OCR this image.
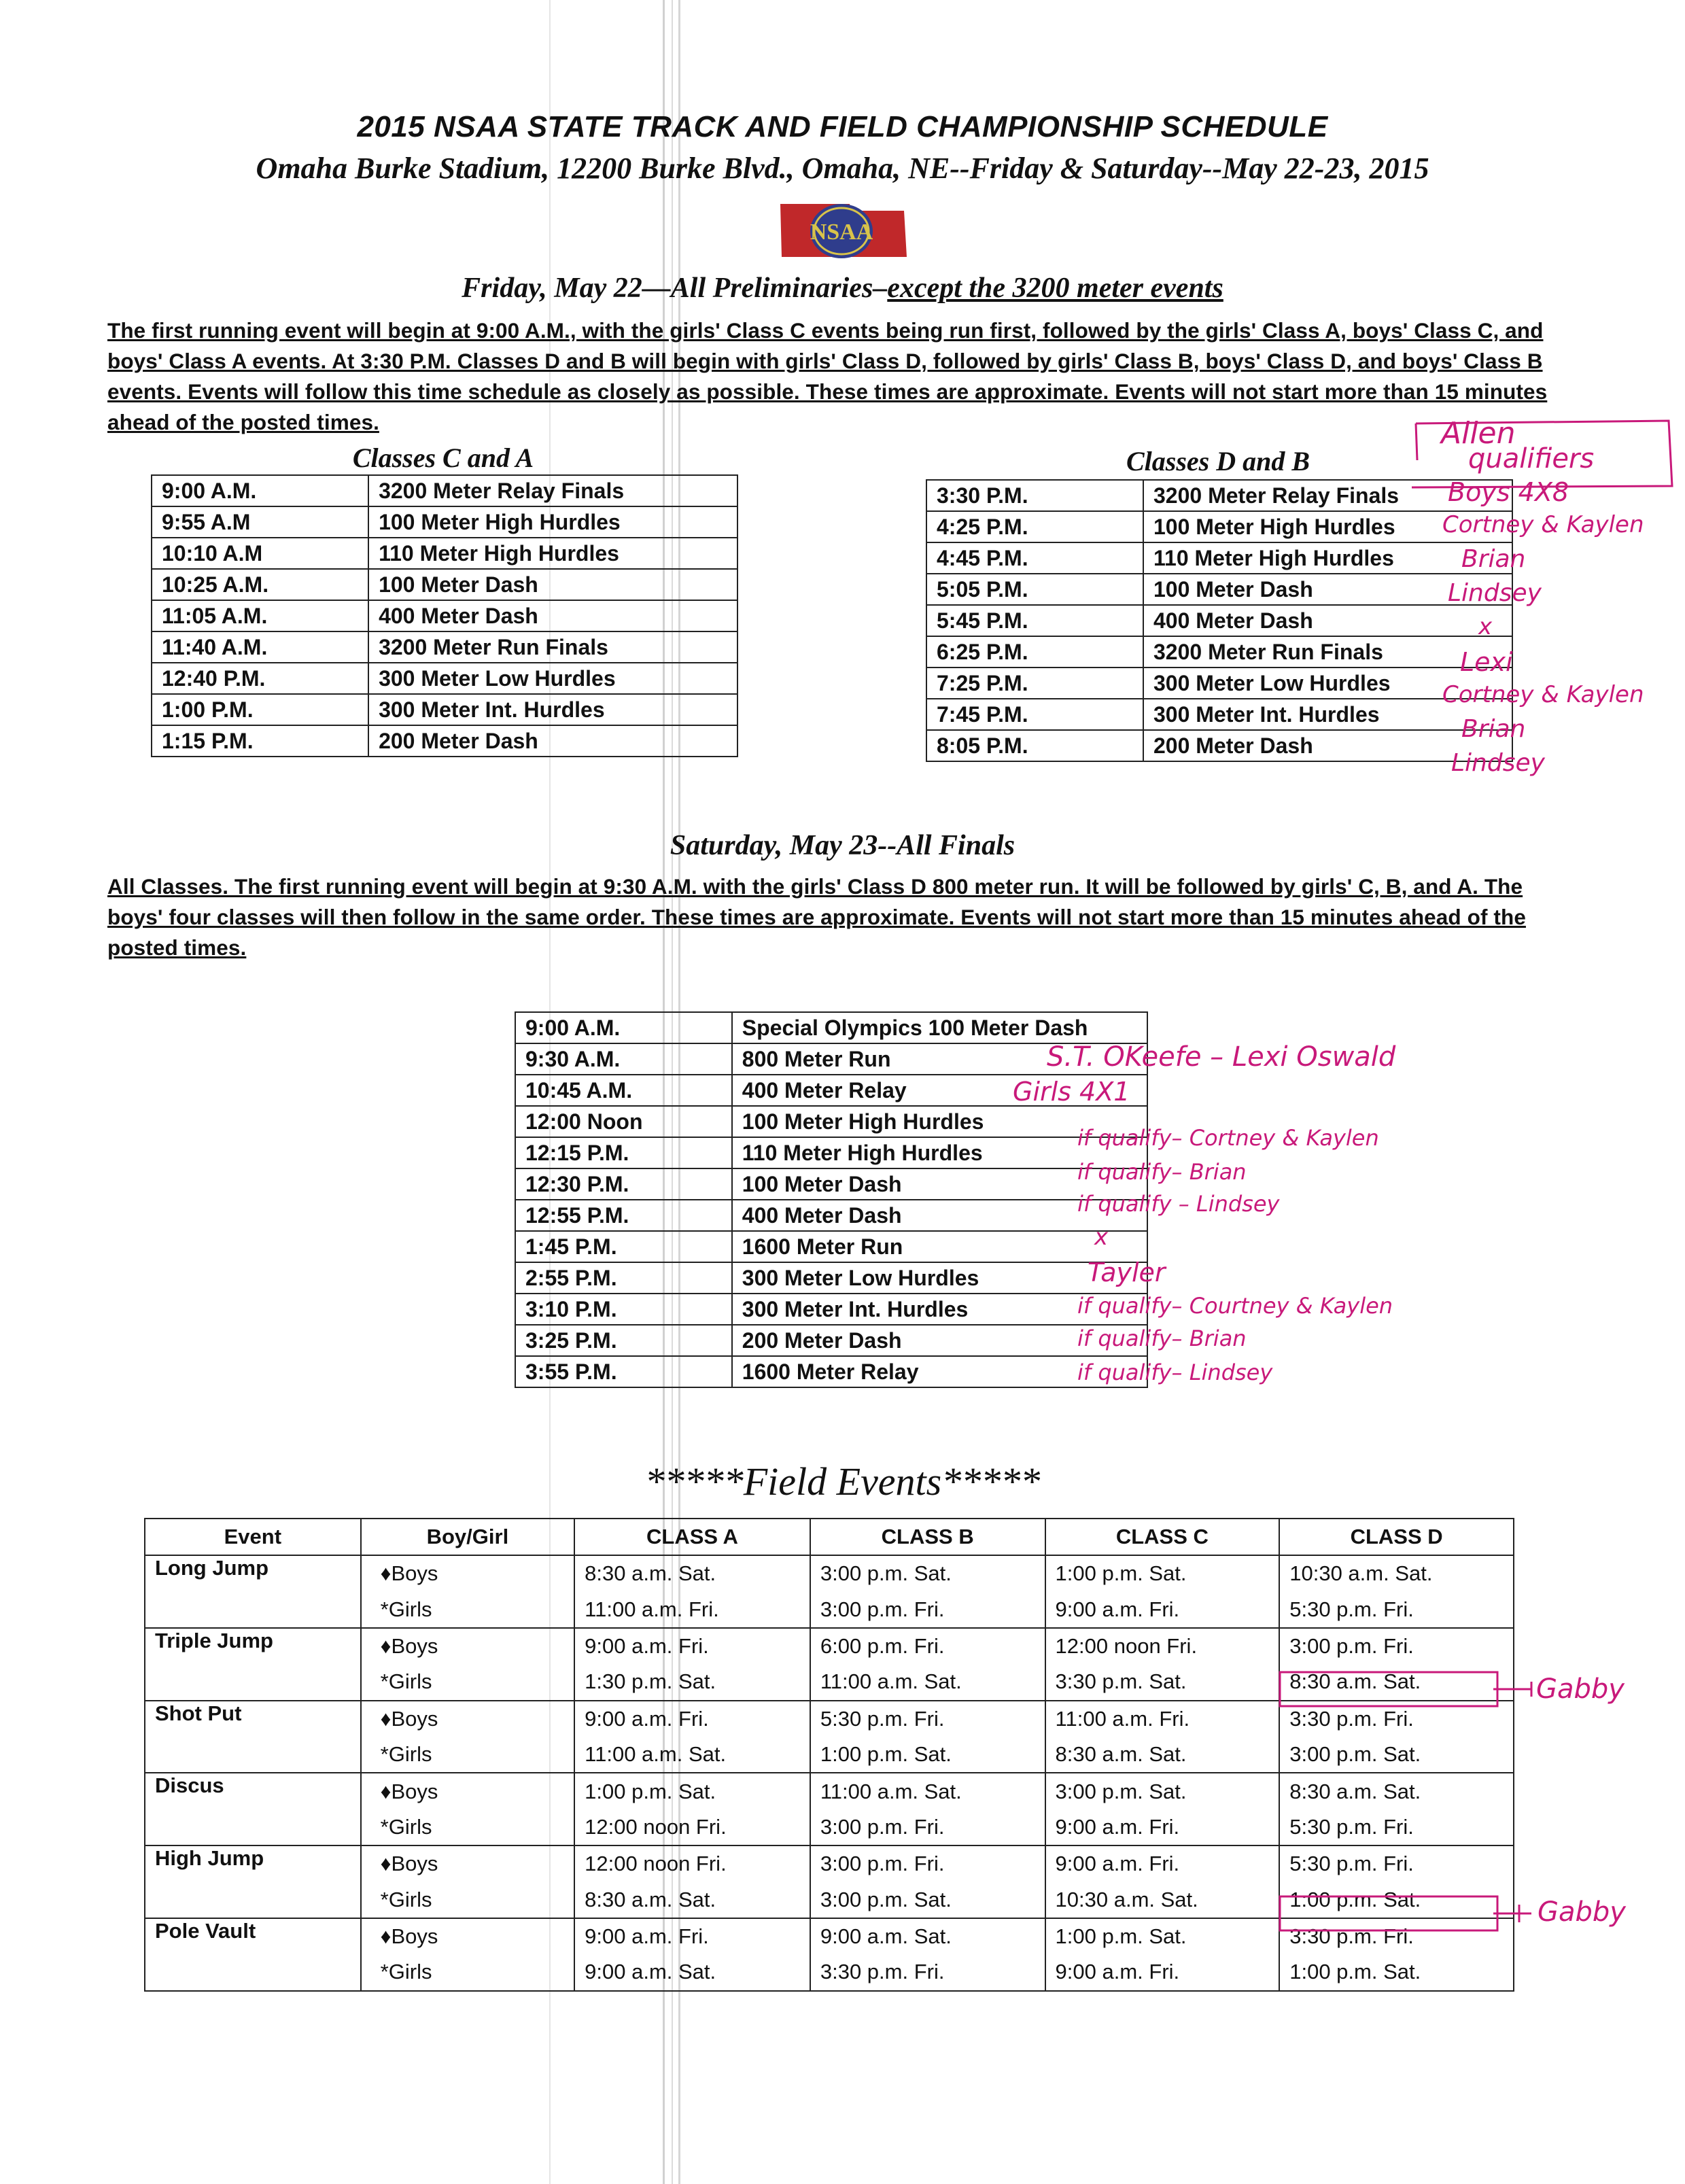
2015 NSAA STATE TRACK AND FIELD CHAMPIONSHIP SCHEDULE
Omaha Burke Stadium, 12200 Burke Blvd., Omaha, NE--Friday & Saturday--May 22-23, 2015
NSAA
Friday, May 22—All Preliminaries–except the 3200 meter events
The first running event will begin at 9:00 A.M., with the girls' Class C events being run first, followed by the girls' Class A, boys' Class C, and boys' Class A events. At 3:30 P.M. Classes D and B will begin with girls' Class D, followed by girls' Class B, boys' Class D, and boys' Class B events. Events will follow this time schedule as closely as possible. These times are approximate. Events will not start more than 15 minutes ahead of the posted times.
Classes C and A
9:00 A.M.	3200 Meter Relay Finals
9:55 A.M	100 Meter High Hurdles
10:10 A.M	110 Meter High Hurdles
10:25 A.M.	100 Meter Dash
11:05 A.M.	400 Meter Dash
11:40 A.M.	3200 Meter Run Finals
12:40 P.M.	300 Meter Low Hurdles
1:00 P.M.	300 Meter Int. Hurdles
1:15 P.M.	200 Meter Dash
Classes D and B
3:30 P.M.	3200 Meter Relay Finals
4:25 P.M.	100 Meter High Hurdles
4:45 P.M.	110 Meter High Hurdles
5:05 P.M.	100 Meter Dash
5:45 P.M.	400 Meter Dash
6:25 P.M.	3200 Meter Run Finals
7:25 P.M.	300 Meter Low Hurdles
7:45 P.M.	300 Meter Int. Hurdles
8:05 P.M.	200 Meter Dash
Saturday, May 23--All Finals
All Classes. The first running event will begin at 9:30 A.M. with the girls' Class D 800 meter run. It will be followed by girls' C, B, and A. The boys' four classes will then follow in the same order. These times are approximate. Events will not start more than 15 minutes ahead of the posted times.
9:00 A.M.	Special Olympics 100 Meter Dash
9:30 A.M.	800 Meter Run
10:45 A.M.	400 Meter Relay
12:00 Noon	100 Meter High Hurdles
12:15 P.M.	110 Meter High Hurdles
12:30 P.M.	100 Meter Dash
12:55 P.M.	400 Meter Dash
1:45 P.M.	1600 Meter Run
2:55 P.M.	300 Meter Low Hurdles
3:10 P.M.	300 Meter Int. Hurdles
3:25 P.M.	200 Meter Dash
3:55 P.M.	1600 Meter Relay
*****Field Events*****
Event	Boy/Girl	CLASS A	CLASS B	CLASS C	CLASS D
Long Jump	♦Boys	8:30 a.m. Sat.	3:00 p.m. Sat.	1:00 p.m. Sat.	10:30 a.m. Sat.
	*Girls	11:00 a.m. Fri.	3:00 p.m. Fri.	9:00 a.m. Fri.	5:30 p.m. Fri.
Triple Jump	♦Boys	9:00 a.m. Fri.	6:00 p.m. Fri.	12:00 noon Fri.	3:00 p.m. Fri.
	*Girls	1:30 p.m. Sat.	11:00 a.m. Sat.	3:30 p.m. Sat.	8:30 a.m. Sat.
Shot Put	♦Boys	9:00 a.m. Fri.	5:30 p.m. Fri.	11:00 a.m. Fri.	3:30 p.m. Fri.
	*Girls	11:00 a.m. Sat.	1:00 p.m. Sat.	8:30 a.m. Sat.	3:00 p.m. Sat.
Discus	♦Boys	1:00 p.m. Sat.	11:00 a.m. Sat.	3:00 p.m. Sat.	8:30 a.m. Sat.
	*Girls	12:00 noon Fri.	3:00 p.m. Fri.	9:00 a.m. Fri.	5:30 p.m. Fri.
High Jump	♦Boys	12:00 noon Fri.	3:00 p.m. Fri.	9:00 a.m. Fri.	5:30 p.m. Fri.
	*Girls	8:30 a.m. Sat.	3:00 p.m. Sat.	10:30 a.m. Sat.	1:00 p.m. Sat.
Pole Vault	♦Boys	9:00 a.m. Fri.	9:00 a.m. Sat.	1:00 p.m. Sat.	3:30 p.m. Fri.
	*Girls	9:00 a.m. Sat.	3:30 p.m. Fri.	9:00 a.m. Fri.	1:00 p.m. Sat.
Allen
qualifiers
Boys 4X8
Cortney & Kaylen
Brian
Lindsey
x
Lexi
Cortney & Kaylen
Brian
Lindsey
S.T. OKeefe – Lexi Oswald
Girls 4X1
if qualify– Cortney & Kaylen
if qualify– Brian
if qualify – Lindsey
x
Tayler
if qualify– Courtney & Kaylen
if qualify– Brian
if qualify– Lindsey
Gabby
Gabby
